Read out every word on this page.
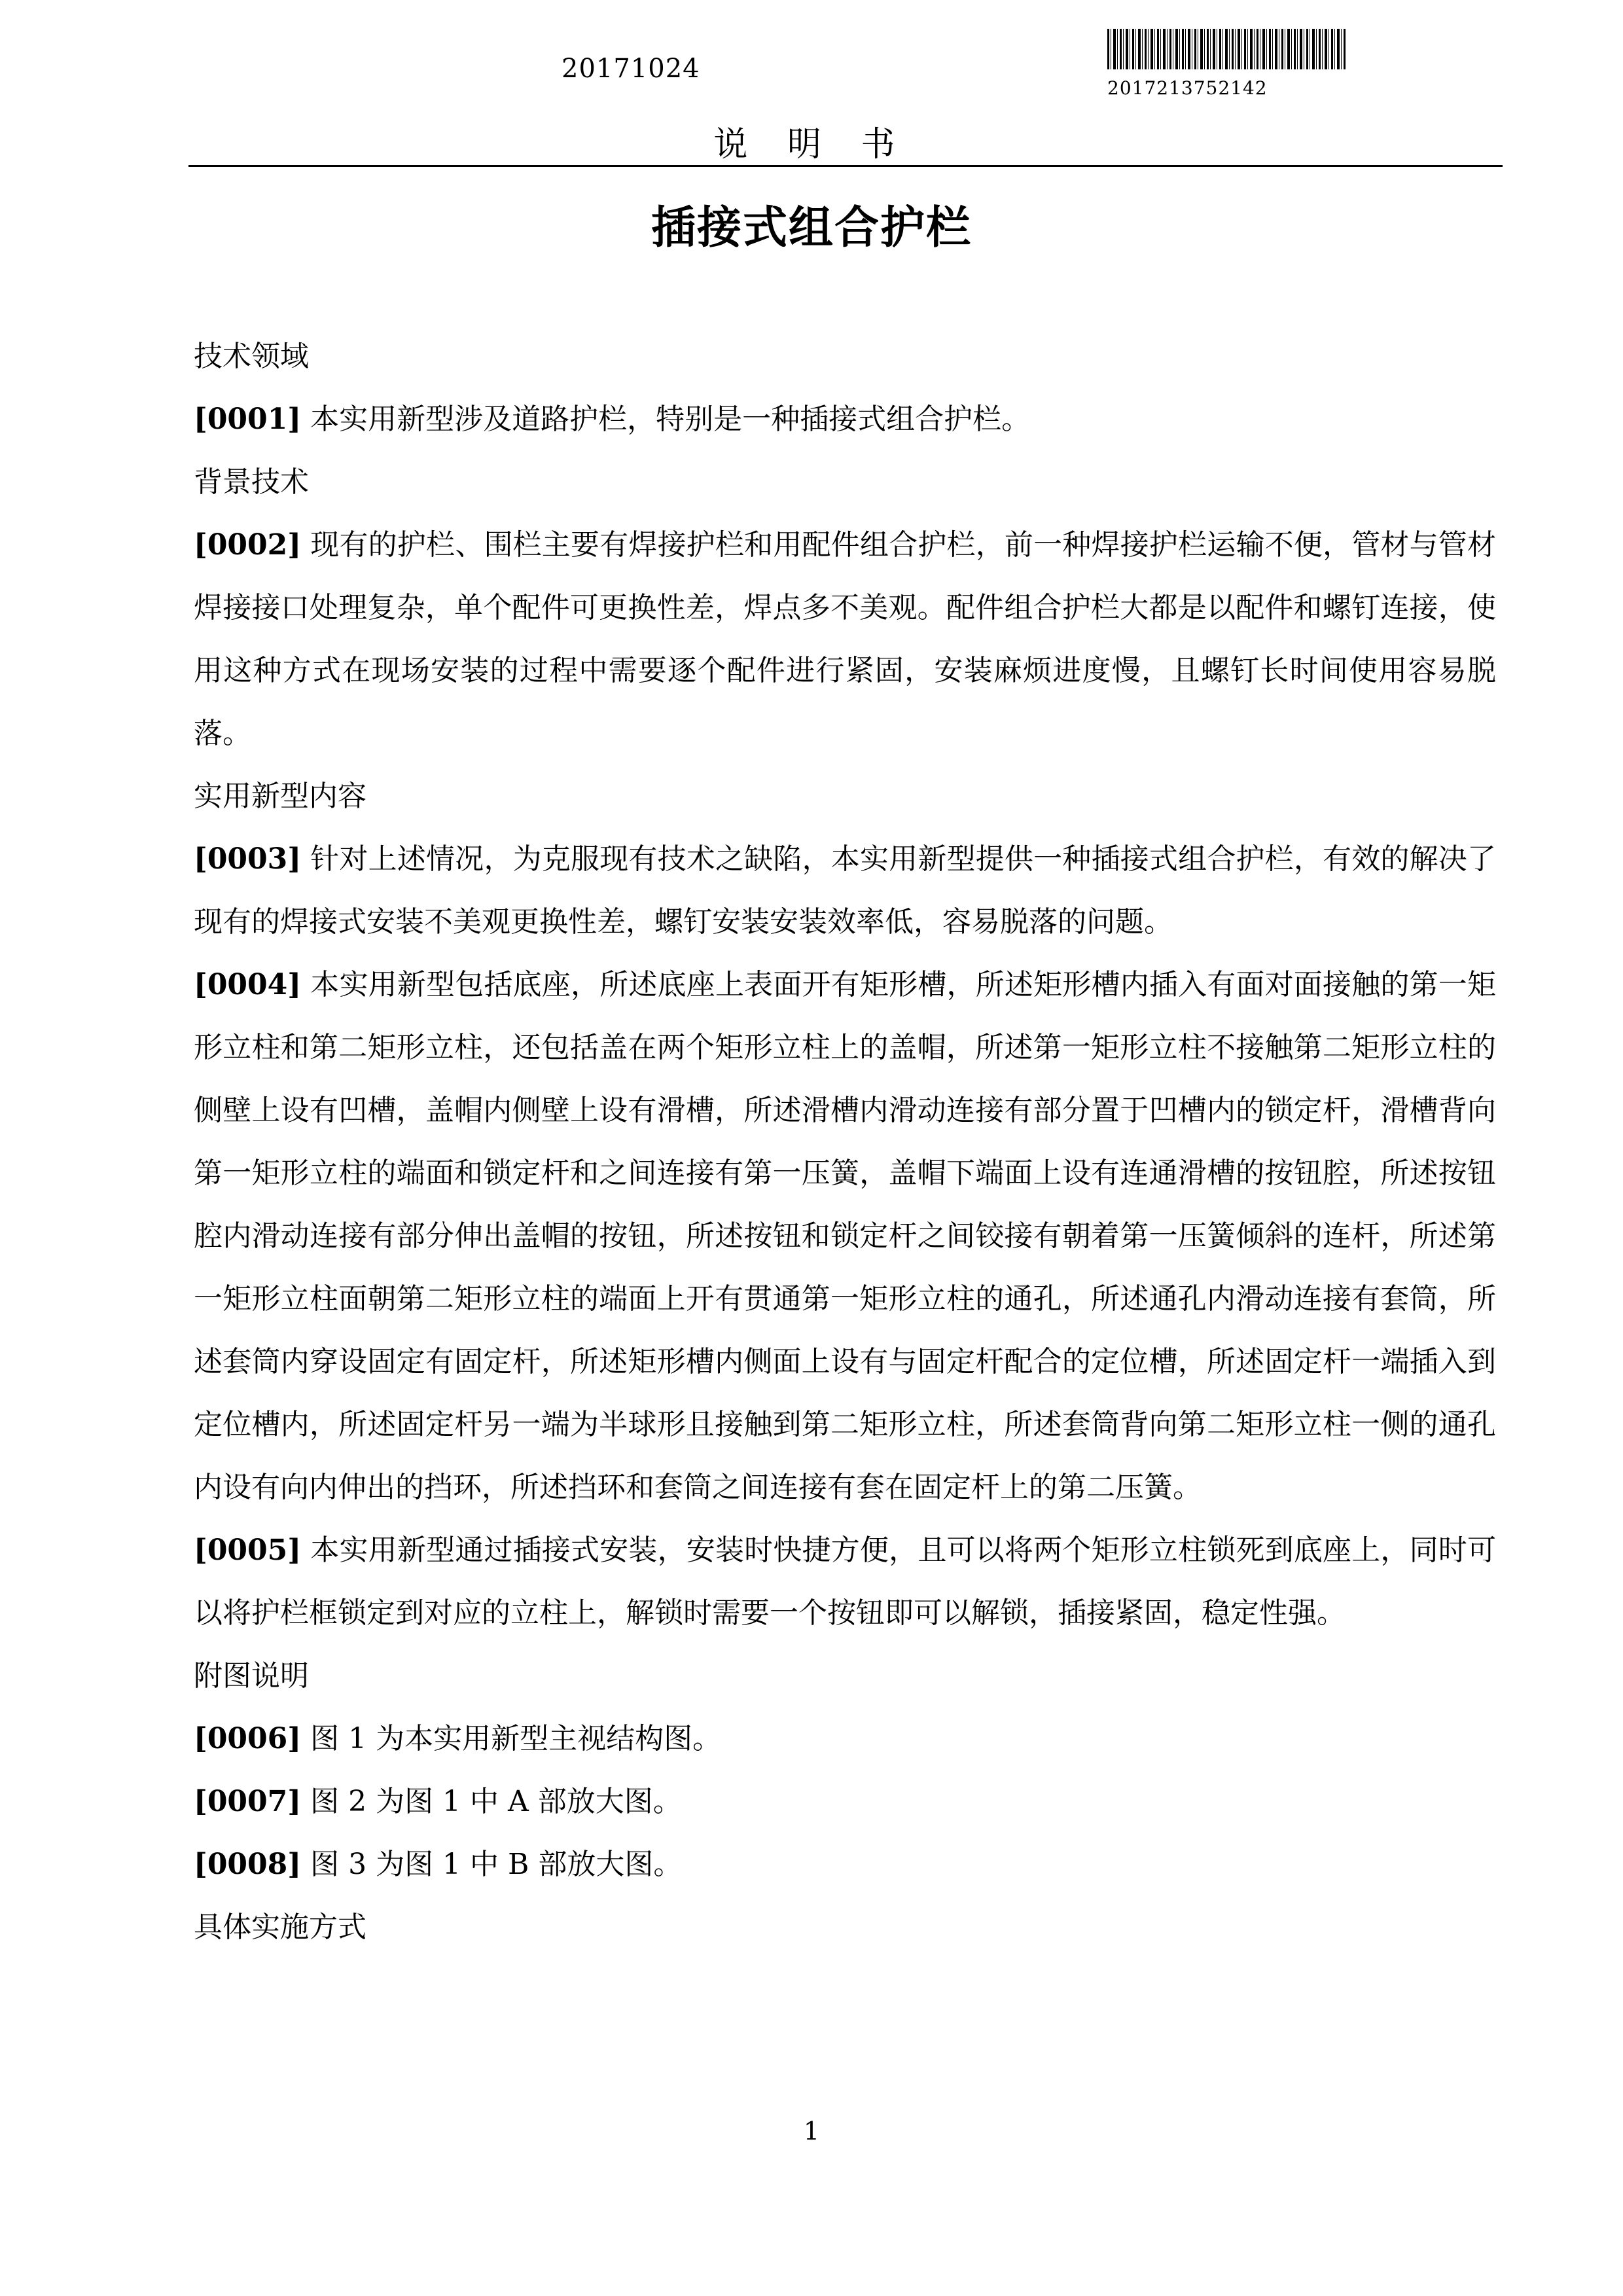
20171024
2017213752142
说 明 书
插接式组合护栏
技术领域
[0001] 本实用新型涉及道路护栏，特别是一种插接式组合护栏。
背景技术
[0002] 现有的护栏、围栏主要有焊接护栏和用配件组合护栏，前一种焊接护栏运输不便，管材与管材焊接接口处理复杂，单个配件可更换性差，焊点多不美观。配件组合护栏大都是以配件和螺钉连接，使用这种方式在现场安装的过程中需要逐个配件进行紧固，安装麻烦进度慢，且螺钉长时间使用容易脱落。
实用新型内容
[0003] 针对上述情况，为克服现有技术之缺陷，本实用新型提供一种插接式组合护栏，有效的解决了现有的焊接式安装不美观更换性差，螺钉安装安装效率低，容易脱落的问题。
[0004] 本实用新型包括底座，所述底座上表面开有矩形槽，所述矩形槽内插入有面对面接触的第一矩形立柱和第二矩形立柱，还包括盖在两个矩形立柱上的盖帽，所述第一矩形立柱不接触第二矩形立柱的侧壁上设有凹槽，盖帽内侧壁上设有滑槽，所述滑槽内滑动连接有部分置于凹槽内的锁定杆，滑槽背向第一矩形立柱的端面和锁定杆和之间连接有第一压簧，盖帽下端面上设有连通滑槽的按钮腔，所述按钮腔内滑动连接有部分伸出盖帽的按钮，所述按钮和锁定杆之间铰接有朝着第一压簧倾斜的连杆，所述第一矩形立柱面朝第二矩形立柱的端面上开有贯通第一矩形立柱的通孔，所述通孔内滑动连接有套筒，所述套筒内穿设固定有固定杆，所述矩形槽内侧面上设有与固定杆配合的定位槽，所述固定杆一端插入到定位槽内，所述固定杆另一端为半球形且接触到第二矩形立柱，所述套筒背向第二矩形立柱一侧的通孔内设有向内伸出的挡环，所述挡环和套筒之间连接有套在固定杆上的第二压簧。
[0005] 本实用新型通过插接式安装，安装时快捷方便，且可以将两个矩形立柱锁死到底座上，同时可以将护栏框锁定到对应的立柱上，解锁时需要一个按钮即可以解锁，插接紧固，稳定性强。
附图说明
[0006] 图 1 为本实用新型主视结构图。
[0007] 图 2 为图 1 中 A 部放大图。
[0008] 图 3 为图 1 中 B 部放大图。
具体实施方式
1
